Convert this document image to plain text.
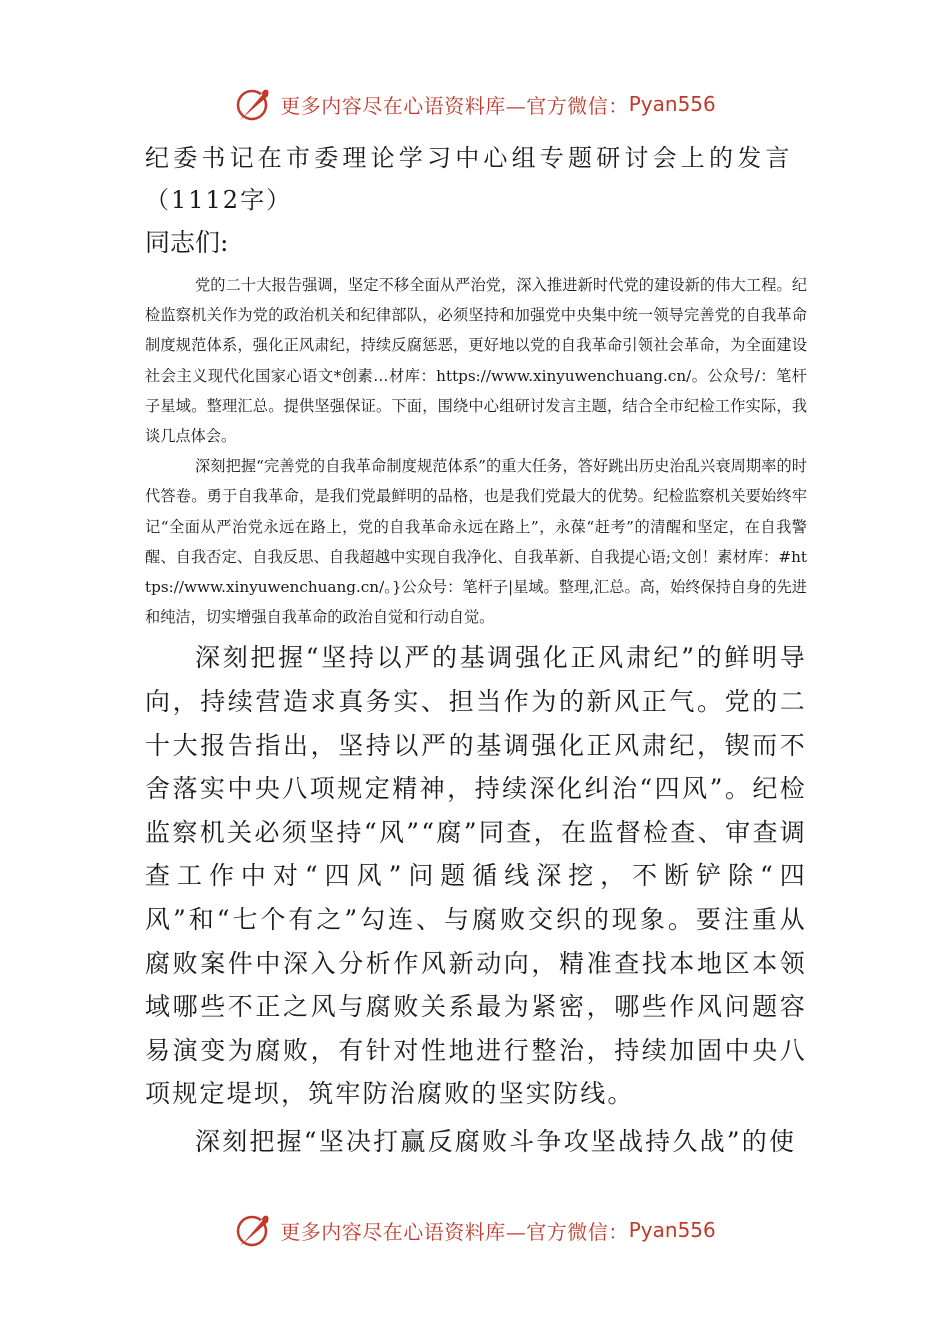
更多内容尽在心语资料库—官方微信： Pyan556
纪委书记在市委理论学习中心组专题研讨会上的发言

（1112字）

同志们:

党的二十大报告强调，坚定不移全面从严治党，深入推进新时代党的建设新的伟大工程。纪检监察机关作为党的政治机关和纪律部队，必须坚持和加强党中央集中统一领导完善党的自我革命制度规范体系，强化正风肃纪，持续反腐惩恶，更好地以党的自我革命引领社会革命，为全面建设社会主义现代化国家心语文*创素…材库：https://www.xinyuwenchuang.cn/。公众号/：笔杆子星域。整理汇总。提供坚强保证。下面，围绕中心组研讨发言主题，结合全市纪检工作实际，我谈几点体会。

深刻把握“完善党的自我革命制度规范体系”的重大任务，答好跳出历史治乱兴衰周期率的时代答卷。勇于自我革命，是我们党最鲜明的品格，也是我们党最大的优势。纪检监察机关要始终牢记“全面从严治党永远在路上，党的自我革命永远在路上”，永葆“赶考”的清醒和坚定，在自我警醒、自我否定、自我反思、自我超越中实现自我净化、自我革新、自我提心语;文创！素材库：#https://www.xinyuwenchuang.cn/。}公众号：笔杆子|星域。整理,汇总。高，始终保持自身的先进和纯洁，切实增强自我革命的政治自觉和行动自觉。

深刻把握“坚持以严的基调强化正风肃纪”的鲜明导向，持续营造求真务实、担当作为的新风正气。党的二十大报告指出，坚持以严的基调强化正风肃纪，锲而不舍落实中央八项规定精神，持续深化纠治“四风”。纪检监察机关必须坚持“风”“腐”同查，在监督检查、审查调查工作中对“四风”问题循线深挖，不断铲除“四风”和“七个有之”勾连、与腐败交织的现象。要注重从腐败案件中深入分析作风新动向，精准查找本地区本领域哪些不正之风与腐败关系最为紧密，哪些作风问题容易演变为腐败，有针对性地进行整治，持续加固中央八项规定堤坝，筑牢防治腐败的坚实防线。

深刻把握“坚决打赢反腐败斗争攻坚战持久战”的使

更多内容尽在心语资料库—官方微信： Pyan556
